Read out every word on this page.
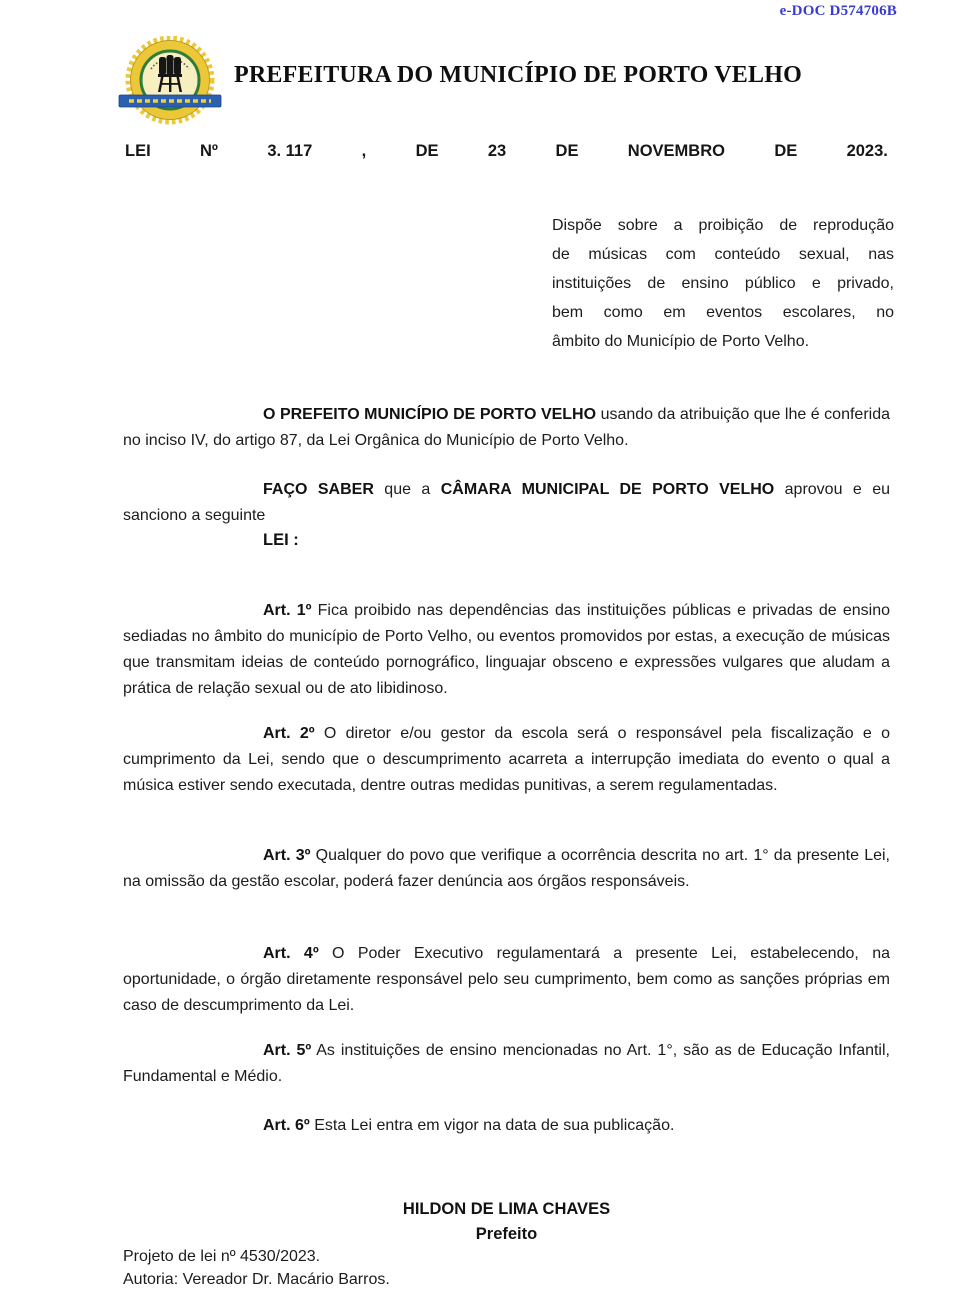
e-DOC D574706B
PREFEITURA DO MUNICÍPIO DE PORTO VELHO
LEI	Nº	3. 117	,	DE	23	DE	NOVEMBRO	DE	2023.
Dispõe sobre a proibição de reprodução
de músicas com conteúdo sexual, nas
instituições de ensino público e privado,
bem como em eventos escolares, no
âmbito do Município de Porto Velho.

O PREFEITO MUNICÍPIO DE PORTO VELHO usando da atribuição que lhe é conferida no inciso IV, do artigo 87, da Lei Orgânica do Município de Porto Velho.

FAÇO SABER que a CÂMARA MUNICIPAL DE PORTO VELHO aprovou e eu sanciono a seguinte

LEI :

Art. 1º Fica proibido nas dependências das instituições públicas e privadas de ensino sediadas no âmbito do município de Porto Velho, ou eventos promovidos por estas, a execução de músicas que transmitam ideias de conteúdo pornográfico, linguajar obsceno e expressões vulgares que aludam a prática de relação sexual ou de ato libidinoso.

Art. 2º O diretor e/ou gestor da escola será o responsável pela fiscalização e o cumprimento da Lei, sendo que o descumprimento acarreta a interrupção imediata do evento o qual a música estiver sendo executada, dentre outras medidas punitivas, a serem regulamentadas.

Art. 3º Qualquer do povo que verifique a ocorrência descrita no art. 1° da presente Lei, na omissão da gestão escolar, poderá fazer denúncia aos órgãos responsáveis.

Art. 4º O Poder Executivo regulamentará a presente Lei, estabelecendo, na oportunidade, o órgão diretamente responsável pelo seu cumprimento, bem como as sanções próprias em caso de descumprimento da Lei.

Art. 5º As instituições de ensino mencionadas no Art. 1°, são as de Educação Infantil, Fundamental e Médio.

Art. 6º Esta Lei entra em vigor na data de sua publicação.

HILDON DE LIMA CHAVES
Prefeito
Projeto de lei nº 4530/2023.
Autoria: Vereador Dr. Macário Barros.
